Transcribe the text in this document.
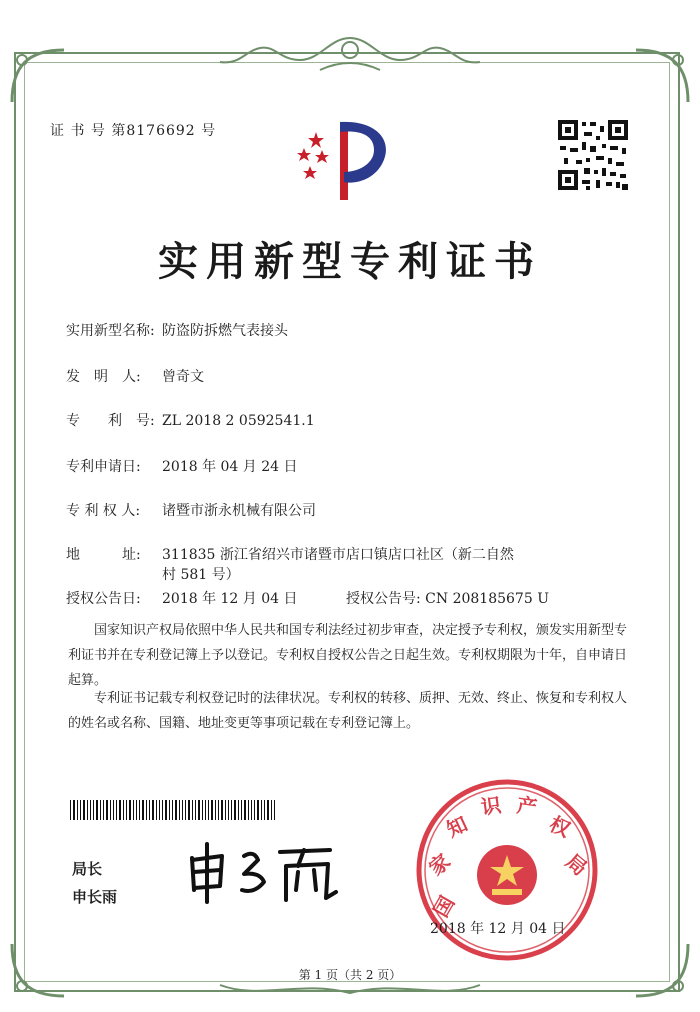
证 书 号 第8176692 号
实用新型专利证书
实用新型名称: 防盗防拆燃气表接头
发　明　人: 曾奇文
专　　利　号: ZL 2018 2 0592541.1
专利申请日: 2018 年 04 月 24 日
专 利 权 人: 诸暨市浙永机械有限公司
地　　　址: 311835 浙江省绍兴市诸暨市店口镇店口社区（新二自然
村 581 号）
授权公告日: 2018 年 12 月 04 日	授权公告号: CN 208185675 U
国家知识产权局依照中华人民共和国专利法经过初步审查，决定授予专利权，颁发实用新型专利证书并在专利登记簿上予以登记。专利权自授权公告之日起生效。专利权期限为十年，自申请日起算。
专利证书记载专利权登记时的法律状况。专利权的转移、质押、无效、终止、恢复和专利权人的姓名或名称、国籍、地址变更等事项记载在专利登记簿上。
局长
申长雨	国
家
知
识 产
权
局
2018 年 12 月 04 日
第 1 页（共 2 页）
